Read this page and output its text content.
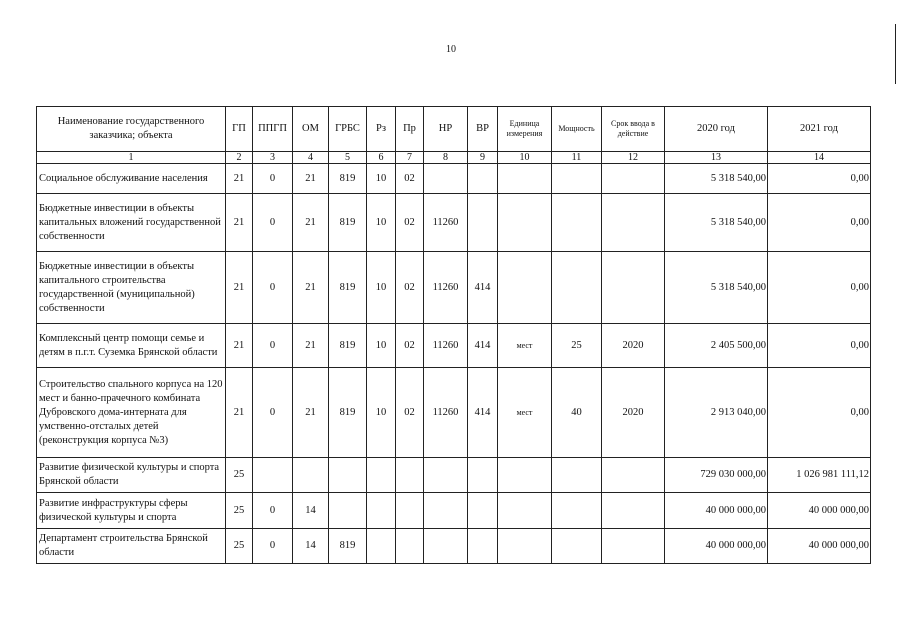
10
Наименование государственного заказчика; объекта	ГП	ППГП	ОМ	ГРБС	Рз	Пр	НР	ВР	Единица измерения	Мощность	Срок ввода в действие	2020 год	2021 год
1	2	3	4	5	6	7	8	9	10	11	12	13	14
Социальное обслуживание населения	21	0	21	819	10	02						5 318 540,00	0,00
Бюджетные инвестиции в объекты капитальных вложений государственной собственности	21	0	21	819	10	02	11260					5 318 540,00	0,00
Бюджетные инвестиции в объекты капитального строительства государственной (муниципальной) собственности	21	0	21	819	10	02	11260	414				5 318 540,00	0,00
Комплексный центр помощи семье и детям в п.г.т. Суземка Брянской области	21	0	21	819	10	02	11260	414	мест	25	2020	2 405 500,00	0,00
Строительство спального корпуса на 120 мест и банно-прачечного комбината Дубровского дома-интерната для умственно-отсталых детей (реконструкция корпуса №3)	21	0	21	819	10	02	11260	414	мест	40	2020	2 913 040,00	0,00
Развитие физической культуры и спорта Брянской области	25											729 030 000,00	1 026 981 111,12
Развитие инфраструктуры сферы физической культуры и спорта	25	0	14									40 000 000,00	40 000 000,00
Департамент строительства Брянской области	25	0	14	819								40 000 000,00	40 000 000,00
